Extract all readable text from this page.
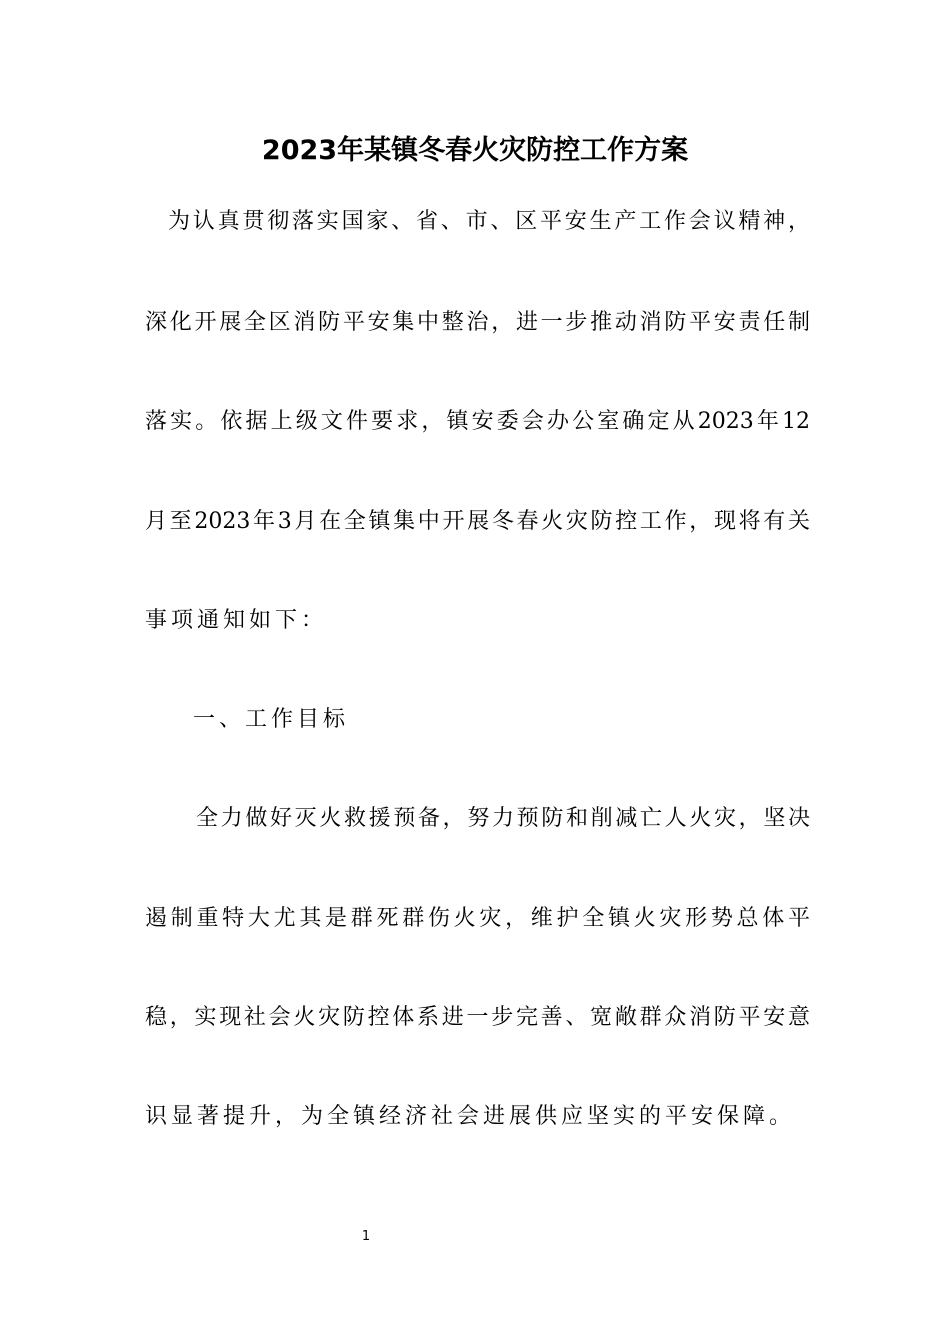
2023年某镇冬春火灾防控工作方案
为认真贯彻落实国家、省、市、区平安生产工作会议精神，
深化开展全区消防平安集中整治，进一步推动消防平安责任制
落实。依据上级文件要求，镇安委会办公室确定从2023年12
月至2023年3月在全镇集中开展冬春火灾防控工作，现将有关
事项通知如下：
一、工作目标
全力做好灭火救援预备，努力预防和削减亡人火灾，坚决
遏制重特大尤其是群死群伤火灾，维护全镇火灾形势总体平
稳，实现社会火灾防控体系进一步完善、宽敞群众消防平安意
识显著提升，为全镇经济社会进展供应坚实的平安保障。
1
